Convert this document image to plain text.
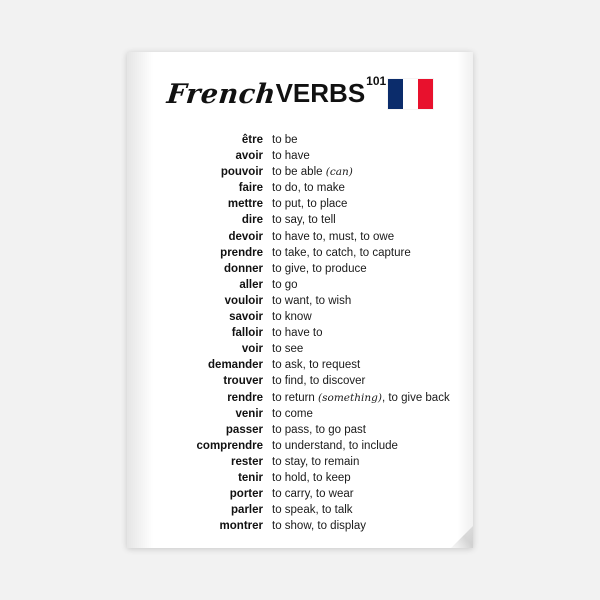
French
VERBS 101
être to be
avoir to have
pouvoir to be able (can)
faire to do, to make
mettre to put, to place
dire to say, to tell
devoir to have to, must, to owe
prendre to take, to catch, to capture
donner to give, to produce
aller to go
vouloir to want, to wish
savoir to know
falloir to have to
voir to see
demander to ask, to request
trouver to find, to discover
rendre to return (something), to give back
venir to come
passer to pass, to go past
comprendre to understand, to include
rester to stay, to remain
tenir to hold, to keep
porter to carry, to wear
parler to speak, to talk
montrer to show, to display
